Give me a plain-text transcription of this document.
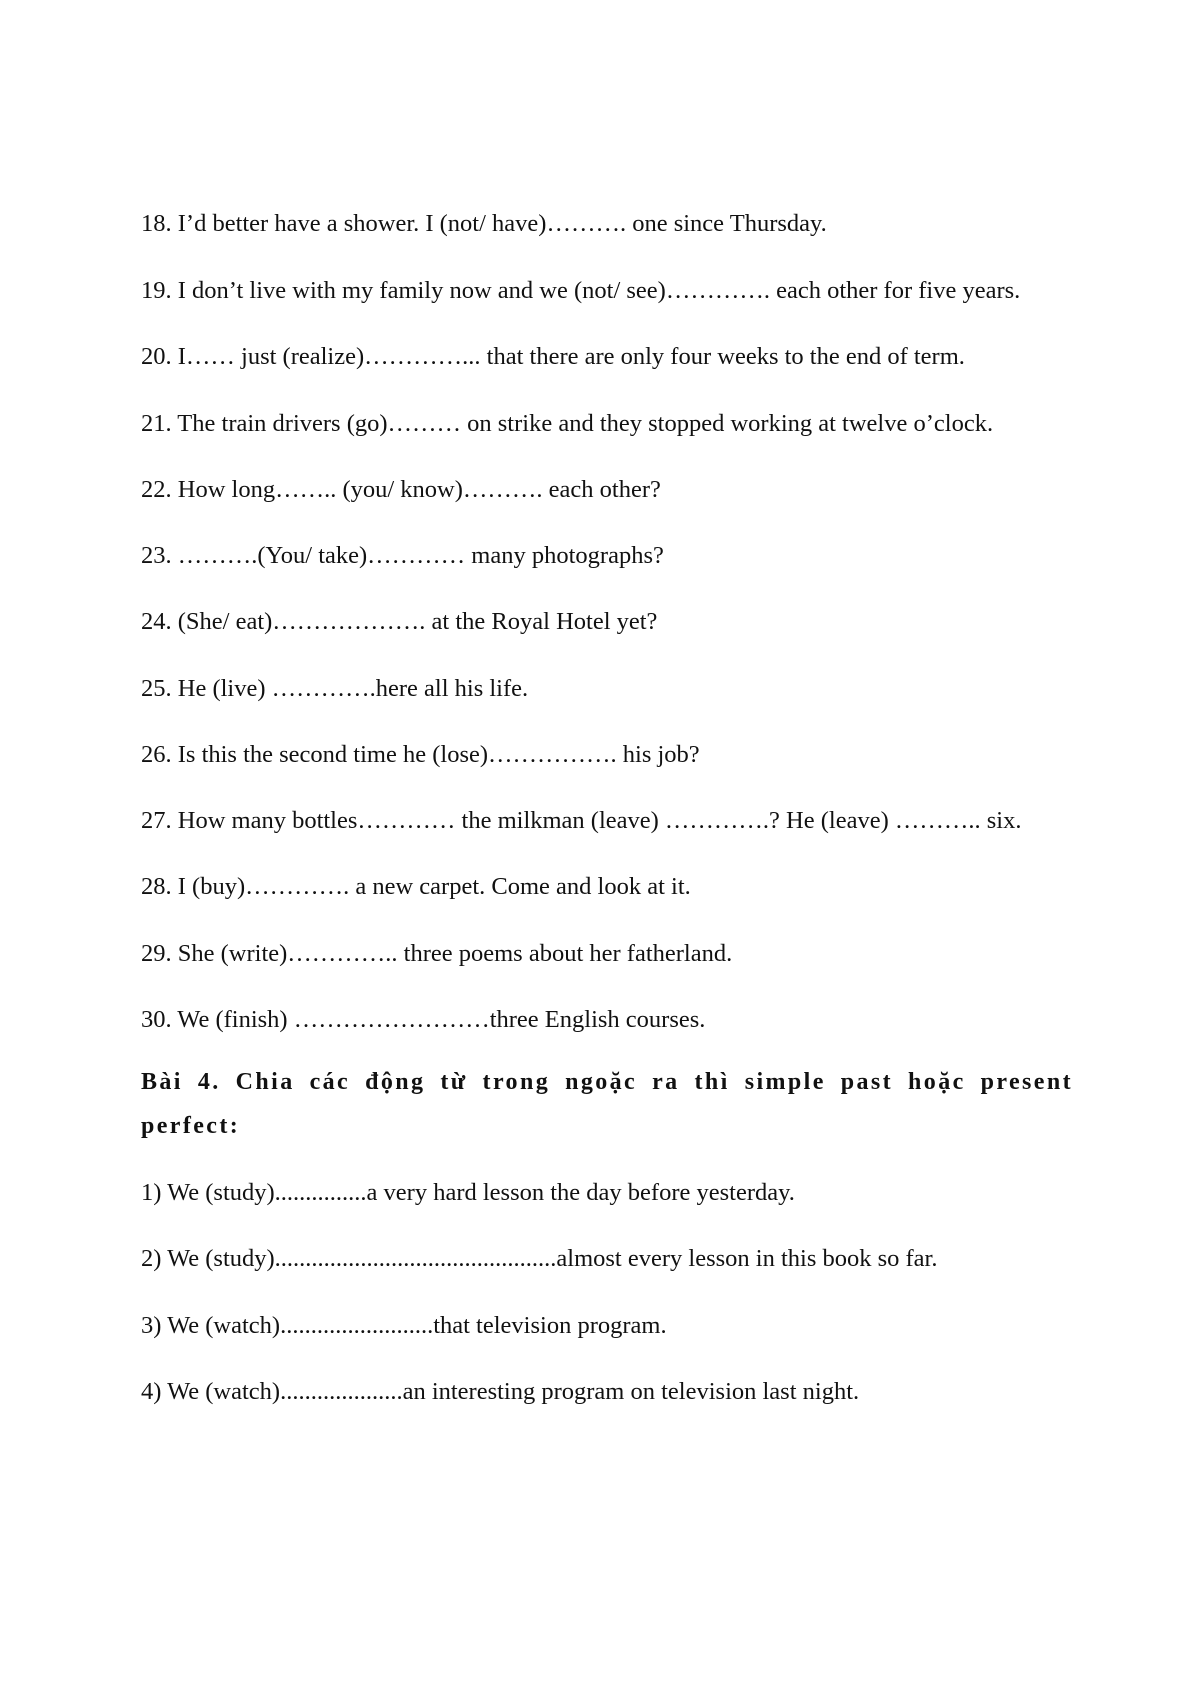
18. I’d better have a shower. I (not/ have)………. one since Thursday.
19. I don’t live with my family now and we (not/ see)…………. each other for five years.
20. I…… just (realize)…………... that there are only four weeks to the end of term.
21. The train drivers (go)……… on strike and they stopped working at twelve o’clock.
22. How long…….. (you/ know)………. each other?
23. ……….(You/ take)………… many photographs?
24. (She/ eat)………………. at the Royal Hotel yet?
25. He (live) ………….here all his life.
26. Is this the second time he (lose)……………. his job?
27. How many bottles………… the milkman (leave) ………….? He (leave) ……….. six.
28. I (buy)…………. a new carpet. Come and look at it.
29. She (write)………….. three poems about her fatherland.
30. We (finish) ……………………three English courses.
Bài 4. Chia các động từ trong ngoặc ra thì simple past hoặc present perfect:
1) We (study)...............a very hard lesson the day before yesterday.
2) We (study)..............................................almost every lesson in this book so far.
3) We (watch).........................that television program.
4) We (watch)....................an interesting program on television last night.
